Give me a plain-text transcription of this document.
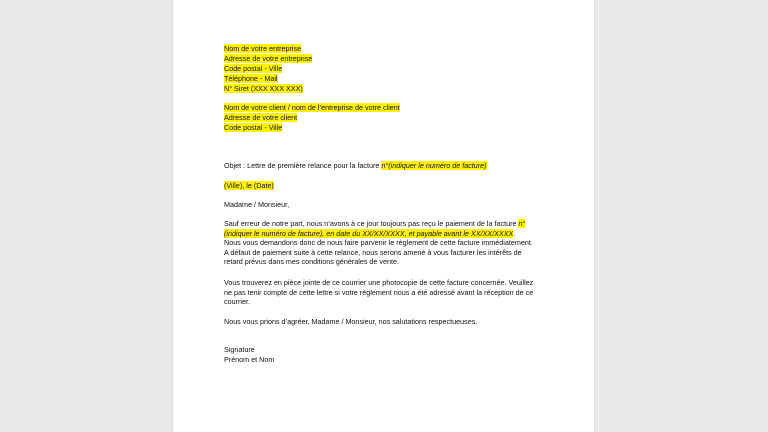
Nom de votre entreprise

Adresse de votre entreprise

Code postal - Ville

Téléphone - Mail

N° Siret (XXX XXX XXX)

Nom de votre client / nom de l’entreprise de votre client

Adresse de votre client

Code postal - Ville

Objet : Lettre de première relance pour la facture n°(indiquer le numéro de facture)

(Ville), le (Date)

Madame / Monsieur,

Sauf erreur de notre part, nous n’avons à ce jour toujours pas reçu le paiement de la facture n°(indiquer le numéro de facture), en date du XX/XX/XXXX, et payable avant le XX/XX/XXXX. Nous vous demandons donc de nous faire parvenir le règlement de cette facture immédiatement. A défaut de paiement suite à cette relance, nous serons amené à vous facturer les intérêts de retard prévus dans mes conditions générales de vente.

Vous trouverez en pièce jointe de ce courrier une photocopie de cette facture concernée. Veuillez ne pas tenir compte de cette lettre si votre règlement nous a été adressé avant la réception de ce courrier.

Nous vous prions d’agréer, Madame / Monsieur, nos salutations respectueuses.

Signature

Prénom et Nom
